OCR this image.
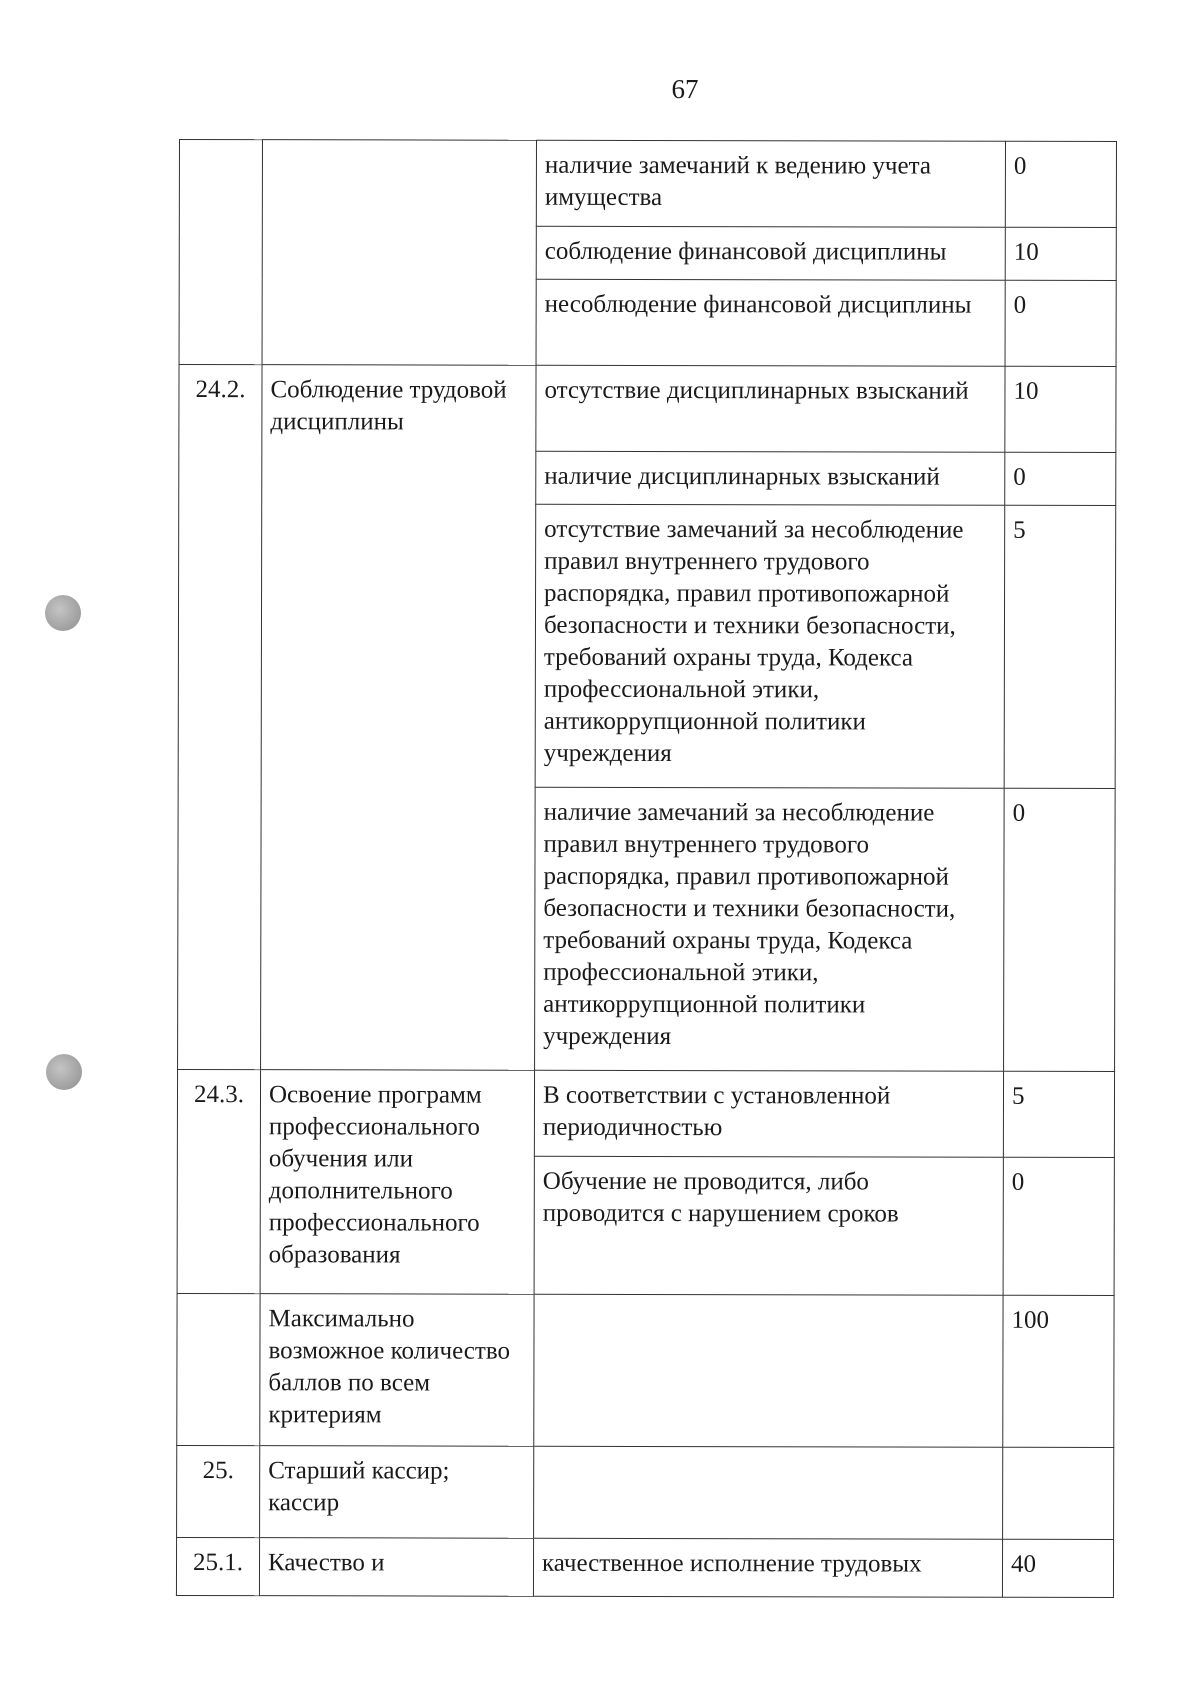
67
		наличие замечаний к ведению учета имущества	0
		соблюдение финансовой дисциплины	10
		несоблюдение финансовой дисциплины	0
24.2.	Соблюдение трудовой дисциплины	отсутствие дисциплинарных взысканий	10
		наличие дисциплинарных взысканий	0
		отсутствие замечаний за несоблюдение правил внутреннего трудового распорядка, правил противопожарной безопасности и техники безопасности, требований охраны труда, Кодекса профессиональной этики, антикоррупционной политики учреждения	5
		наличие замечаний за несоблюдение правил внутреннего трудового распорядка, правил противопожарной безопасности и техники безопасности, требований охраны труда, Кодекса профессиональной этики, антикоррупционной политики учреждения	0
24.3.	Освоение программ профессионального обучения или дополнительного профессионального образования	В соответствии с установленной периодичностью	5
		Обучение не проводится, либо проводится с нарушением сроков	0
	Максимально возможное количество баллов по всем критериям		100
25.	Старший кассир; кассир		
25.1.	Качество и	качественное исполнение трудовых	40
